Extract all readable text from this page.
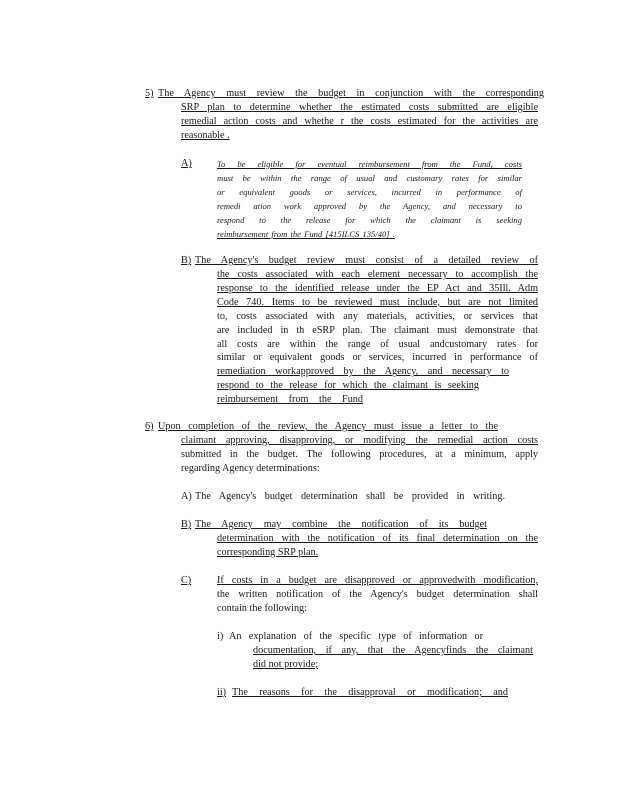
5) The Agency must review the budget in conjunction with the corresponding
SRP plan to determine whether the estimated costs submitted are eligible
remedial action costs and whethe r the costs estimated for the activities are
reasonable .
A)	To be eligible for eventual reimbursement from the Fund, costs
must be within the range of usual and customary rates for similar
or equivalent goods or services, incurred in performance of
remedi ation work approved by the Agency, and necessary to
respond to the release for which the claimant is seeking
reimbursement from the Fund [415ILCS 135/40] .
B) The Agency's budget review must consist of a detailed review of
the costs associated with each element necessary to accomplish the
response to the identified release under the EP Act and 35Ill. Adm
Code 740. Items to be reviewed must include, but are not limited
to, costs associated with any materials, activities, or services that
are included in th eSRP plan. The claimant must demonstrate that
all costs are within the range of usual andcustomary rates for
similar or equivalent goods or services, incurred in performance of
remediation workapproved by the Agency, and necessary to
respond to the release for which the claimant is seeking
reimbursement from the Fund
6) Upon completion of the review, the Agency must issue a letter to the
claimant approving, disapproving, or modifying the remedial action costs
submitted in the budget. The following procedures, at a minimum, apply
regarding Agency determinations:
A) The Agency's budget determination shall be provided in writing.
B) The Agency may combine the notification of its budget
determination with the notification of its final determination on the
corresponding SRP plan.
C)	If costs in a budget are disapproved or approvedwith modification,
the written notification of the Agency's budget determination shall
contain the following:
i) An explanation of the specific type of information or
documentation, if any, that the Agencyfinds the claimant
did not provide;
ii) The reasons for the disapproval or modification; and
